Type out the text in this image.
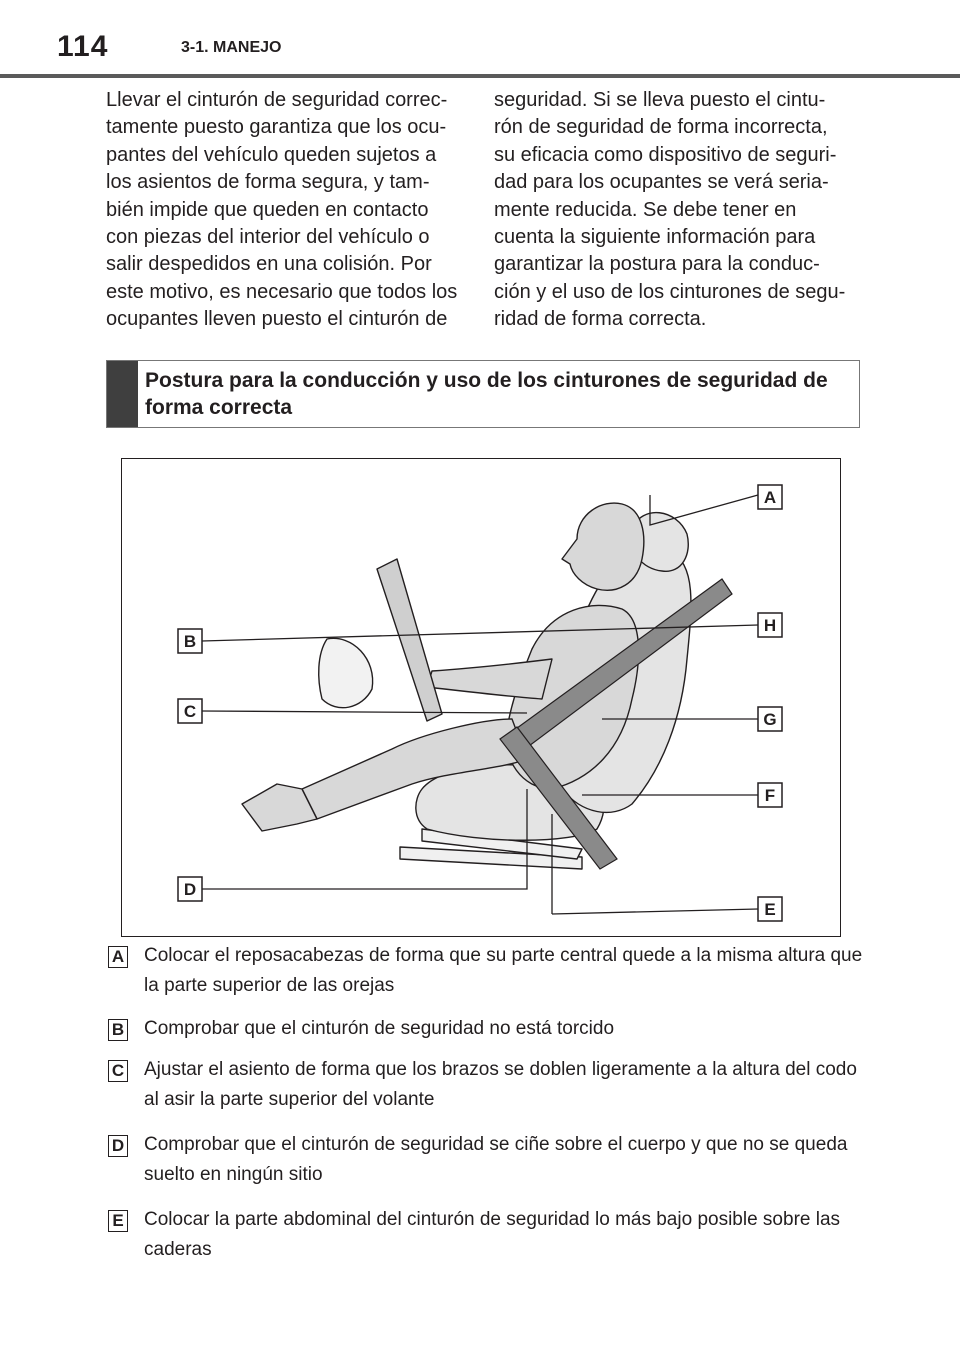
114	3-1. MANEJO
Llevar el cinturón de seguridad correc-
tamente puesto garantiza que los ocu-
pantes del vehículo queden sujetos a
los asientos de forma segura, y tam-
bién impide que queden en contacto
con piezas del interior del vehículo o
salir despedidos en una colisión. Por
este motivo, es necesario que todos los
ocupantes lleven puesto el cinturón de
seguridad. Si se lleva puesto el cintu-
rón de seguridad de forma incorrecta,
su eficacia como dispositivo de seguri-
dad para los ocupantes se verá seria-
mente reducida. Se debe tener en
cuenta la siguiente información para
garantizar la postura para la conduc-
ción y el uso de los cinturones de segu-
ridad de forma correcta.
Postura para la conducción y uso de los cinturones de seguridad de forma correcta
A
B
C
D
E
F
G
H
A Colocar el reposacabezas de forma que su parte central quede a la misma altura que la parte superior de las orejas
B Comprobar que el cinturón de seguridad no está torcido
C Ajustar el asiento de forma que los brazos se doblen ligeramente a la altura del codo al asir la parte superior del volante
D Comprobar que el cinturón de seguridad se ciñe sobre el cuerpo y que no se queda suelto en ningún sitio
E Colocar la parte abdominal del cinturón de seguridad lo más bajo posible sobre las caderas
